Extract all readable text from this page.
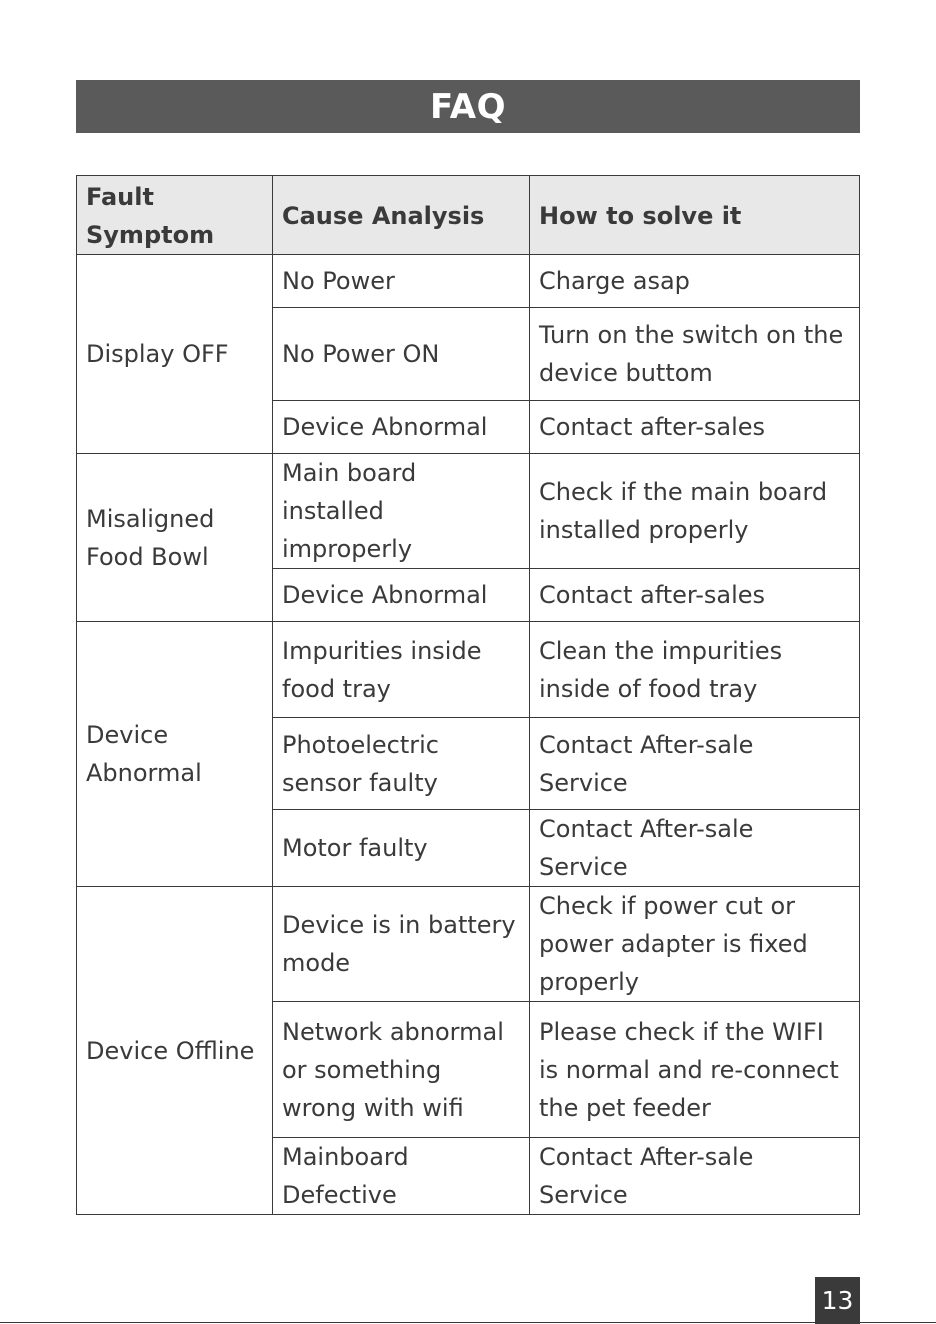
FAQ
Fault Symptom	Cause Analysis	How to solve it
Display OFF	No Power	Charge asap
	No Power ON	Turn on the switch on the device buttom
	Device Abnormal	Contact after-sales
Misaligned Food Bowl	Main board installed improperly	Check if the main board installed properly
	Device Abnormal	Contact after-sales
Device Abnormal	Impurities inside food tray	Clean the impurities inside of food tray
	Photoelectric sensor faulty	Contact After-sale Service
	Motor faulty	Contact After-sale Service
Device Offline	Device is in battery mode	Check if power cut or power adapter is fixed properly
	Network abnormal or something wrong with wifi	Please check if the WIFI is normal and re-connect the pet feeder
	Mainboard Defective	Contact After-sale Service
13
